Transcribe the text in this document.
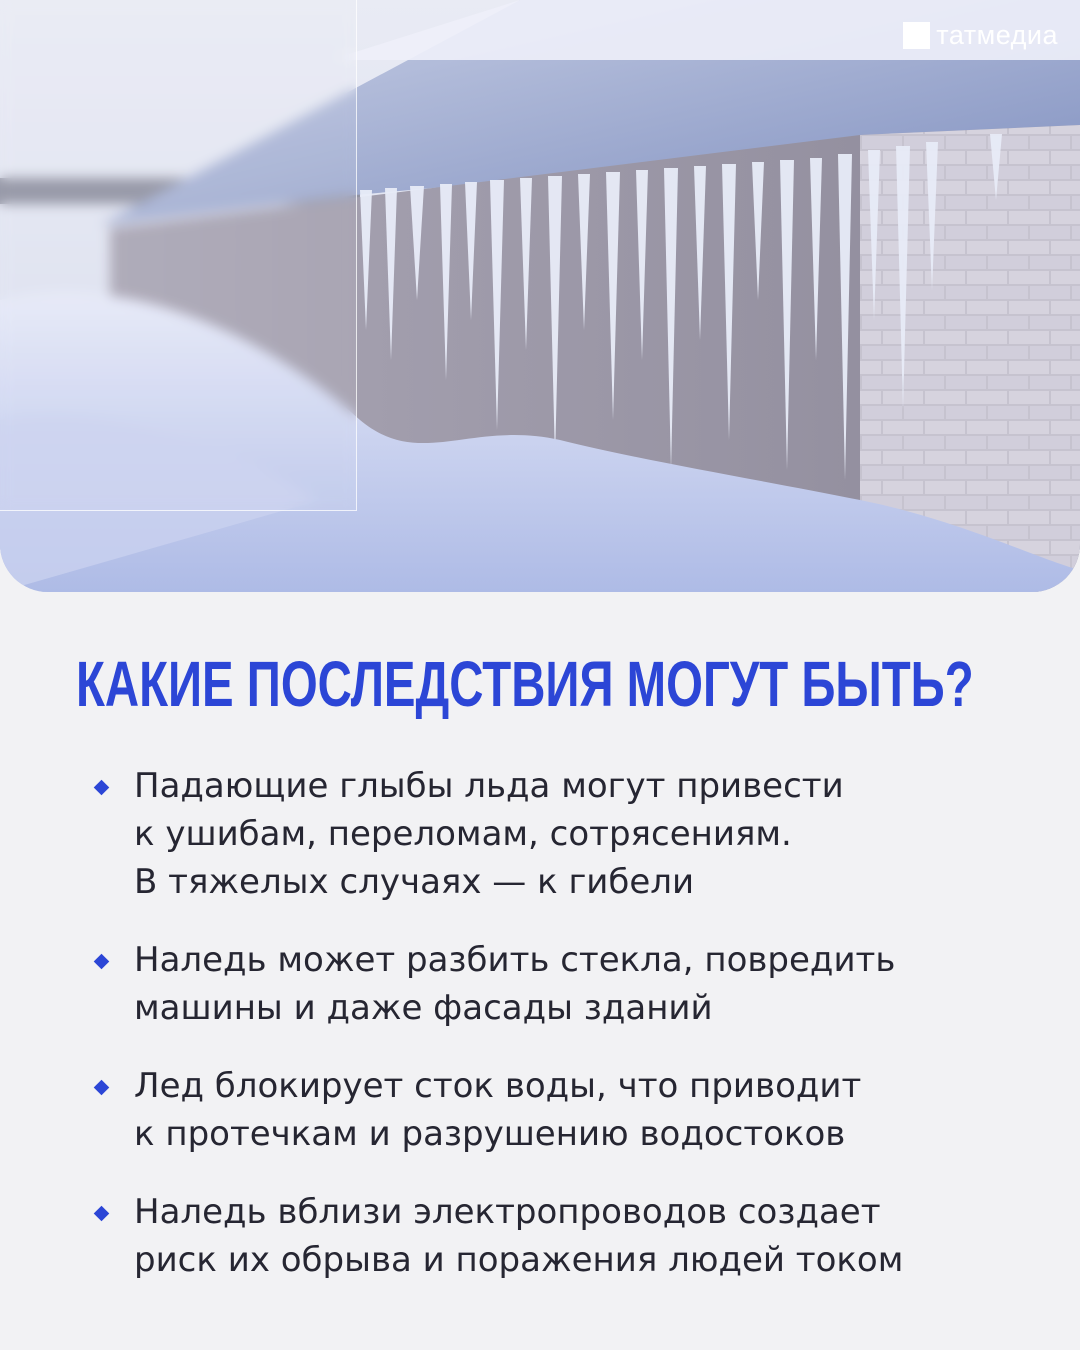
татмедиа
КАКИЕ ПОСЛЕДСТВИЯ МОГУТ БЫТЬ?
Падающие глыбы льда могут привести
к ушибам, переломам, сотрясениям.
В тяжелых случаях — к гибели
Наледь может разбить стекла, повредить
машины и даже фасады зданий
Лед блокирует сток воды, что приводит
к протечкам и разрушению водостоков
Наледь вблизи электропроводов создает
риск их обрыва и поражения людей током
